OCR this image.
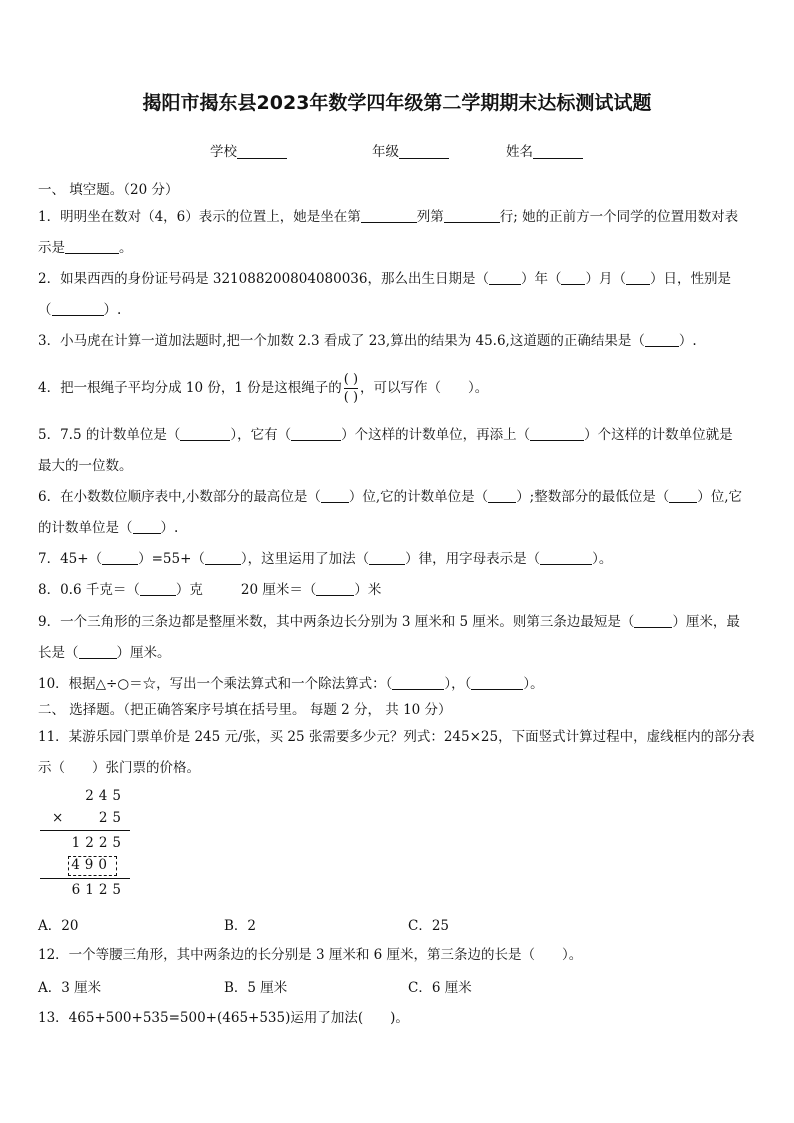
揭阳市揭东县2023年数学四年级第二学期期末达标测试试题
学校	年级	姓名
一、 填空题。（20 分）
1．明明坐在数对（4，6）表示的位置上，她是坐在第	列第	行; 她的正前方一个同学的位置用数对表
示是	。
2．如果西西的身份证号码是 321088200804080036，那么出生日期是（ ）年（ ）月（ ）日，性别是
（	）.
3．小马虎在计算一道加法题时,把一个加数 2.3 看成了 23,算出的结果为 45.6,这道题的正确结果是（	）.
4．把一根绳子平均分成 10 份，1 份是这根绳子的 $\frac{( )}{( )}$ ，可以写作（　　）。
5．7.5 的计数单位是（	），它有（	）个这样的计数单位，再添上（	）个这样的计数单位就是
最大的一位数。
6．在小数数位顺序表中,小数部分的最高位是（ ）位,它的计数单位是（ ）;整数部分的最低位是（ ）位,它
的计数单位是（ ）.
7．45+（	）=55+（	），这里运用了加法（	）律，用字母表示是（	）。
8．0.6 千克＝（	）克	20 厘米＝（	）米
9．一个三角形的三条边都是整厘米数，其中两条边长分别为 3 厘米和 5 厘米。则第三条边最短是（	）厘米，最
长是（	）厘米。
10．根据△÷○＝☆，写出一个乘法算式和一个除法算式：（	），（	）。
二、 选择题。（把正确答案序号填在括号里。 每题 2 分， 共 10 分）
11．某游乐园门票单价是 245 元/张，买 25 张需要多少元？列式：245×25，下面竖式计算过程中，虚线框内的部分表
示（　　）张门票的价格。
245
×	25
1225
490
6125
A．20	B．2	C．25
12．一个等腰三角形，其中两条边的长分别是 3 厘米和 6 厘米，第三条边的长是（　　）。
A．3 厘米	B．5 厘米	C．6 厘米
13．465+500+535=500+(465+535)运用了加法(　　)。
